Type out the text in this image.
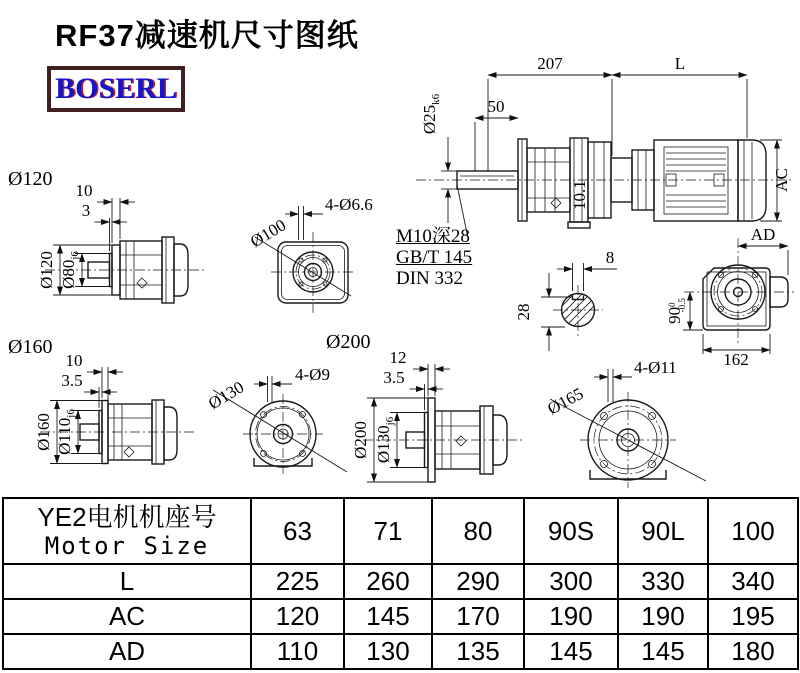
RF37减速机尺寸图纸
BOSERL
207	L
50
$Ø25_{k6}$
AC
10.1
M10深28
GB/T 145
DIN 332
8
28
AD
$90^0-0.5$
162
Ø120
10
3
Ø120 $Ø80_{j6}$
4-Ø6.6
Ø100
Ø160
10
3.5
Ø160 $Ø110_{j6}$
4-Ø9
Ø130
Ø200
12
3.5
Ø200 $Ø130_{j6}$
4-Ø11
Ø165
YE2电机机座号
Motor Size	63	71	80	90S	90L	100
L	225	260	290	300	330	340
AC	120	145	170	190	190	195
AD	110	130	135	145	145	180
